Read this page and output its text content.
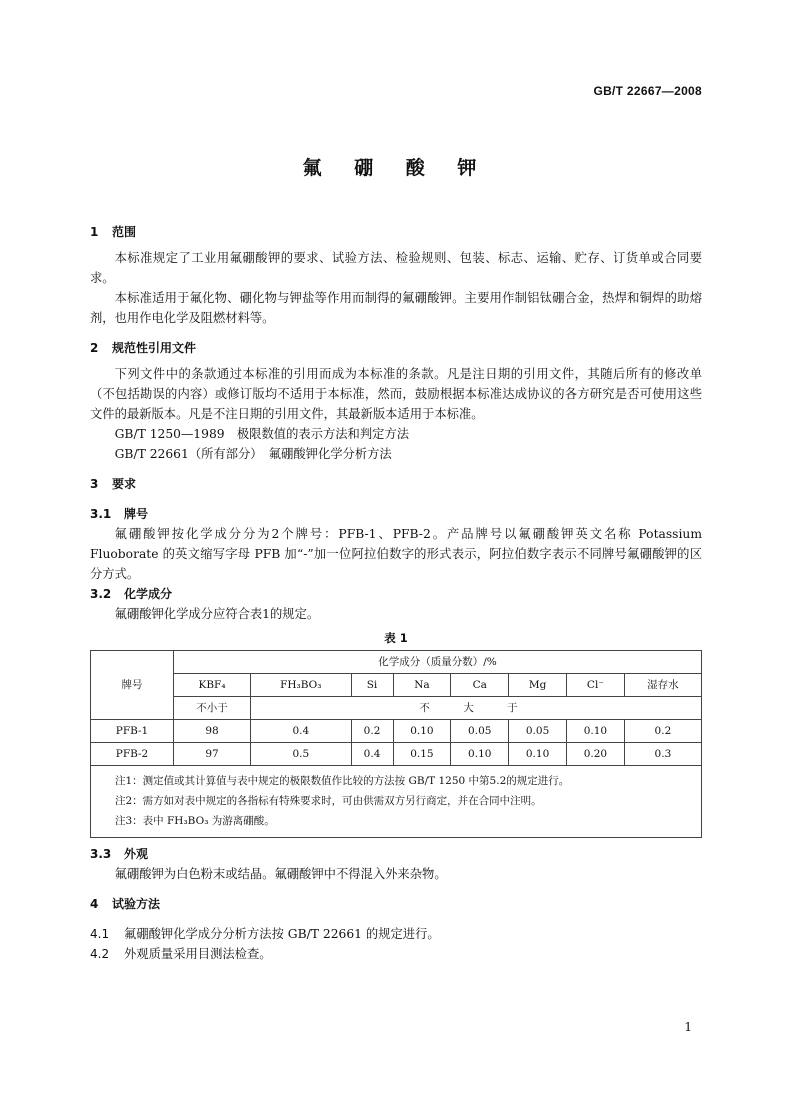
GB/T 22667—2008
氟 硼 酸 钾
1 范围

本标准规定了工业用氟硼酸钾的要求、试验方法、检验规则、包装、标志、运输、贮存、订货单或合同要求。

本标准适用于氟化物、硼化物与钾盐等作用而制得的氟硼酸钾。主要用作制铝钛硼合金，热焊和铜焊的助熔剂，也用作电化学及阻燃材料等。

2 规范性引用文件

下列文件中的条款通过本标准的引用而成为本标准的条款。凡是注日期的引用文件，其随后所有的修改单（不包括勘误的内容）或修订版均不适用于本标准，然而，鼓励根据本标准达成协议的各方研究是否可使用这些文件的最新版本。凡是不注日期的引用文件，其最新版本适用于本标准。

GB/T 1250—1989　极限数值的表示方法和判定方法

GB/T 22661（所有部分）　氟硼酸钾化学分析方法

3 要求
3.1 牌号

氟硼酸钾按化学成分分为2个牌号：PFB-1、PFB-2。产品牌号以氟硼酸钾英文名称 Potassium Fluoborate 的英文缩写字母 PFB 加“-”加一位阿拉伯数字的形式表示，阿拉伯数字表示不同牌号氟硼酸钾的区分方式。

3.2 化学成分

氟硼酸钾化学成分应符合表1的规定。

表 1
牌号	化学成分（质量分数）/%							
	KBF₄	FH₃BO₃	Si	Na	Ca	Mg	Cl⁻	湿存水
	不小于	不 大 于						
PFB-1	98	0.4	0.2	0.10	0.05	0.05	0.10	0.2
PFB-2	97	0.5	0.4	0.15	0.10	0.10	0.20	0.3

注1：测定值或其计算值与表中规定的极限数值作比较的方法按 GB/T 1250 中第5.2的规定进行。
注2：需方如对表中规定的各指标有特殊要求时，可由供需双方另行商定，并在合同中注明。
注3：表中 FH₃BO₃ 为游离硼酸。								
3.3 外观

氟硼酸钾为白色粉末或结晶。氟硼酸钾中不得混入外来杂物。

4 试验方法
4.1 氟硼酸钾化学成分分析方法按 GB/T 22661 的规定进行。
4.2 外观质量采用目测法检查。
1
